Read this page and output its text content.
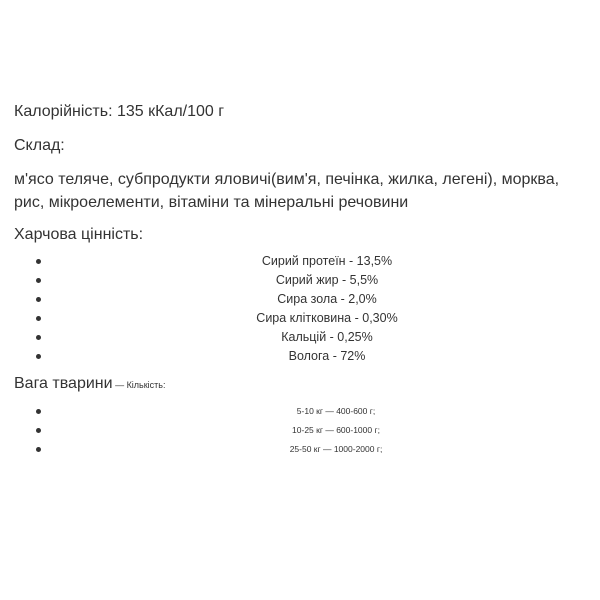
Калорійність: 135 кКал/100 г
Склад:
м'ясо теляче, субпродукти яловичі(вим'я, печінка, жилка, легені), морква,
рис, мікроелементи, вітаміни та мінеральні речовини
Харчова цінність:
Сирий протеїн - 13,5%
Сирий жир - 5,5%
Сира зола - 2,0%
Сира клітковина - 0,30%
Кальцій - 0,25%
Волога - 72%
Вага тварини — Кількість:
5-10 кг — 400-600 г;
10-25 кг — 600-1000 г;
25-50 кг — 1000-2000 г;
